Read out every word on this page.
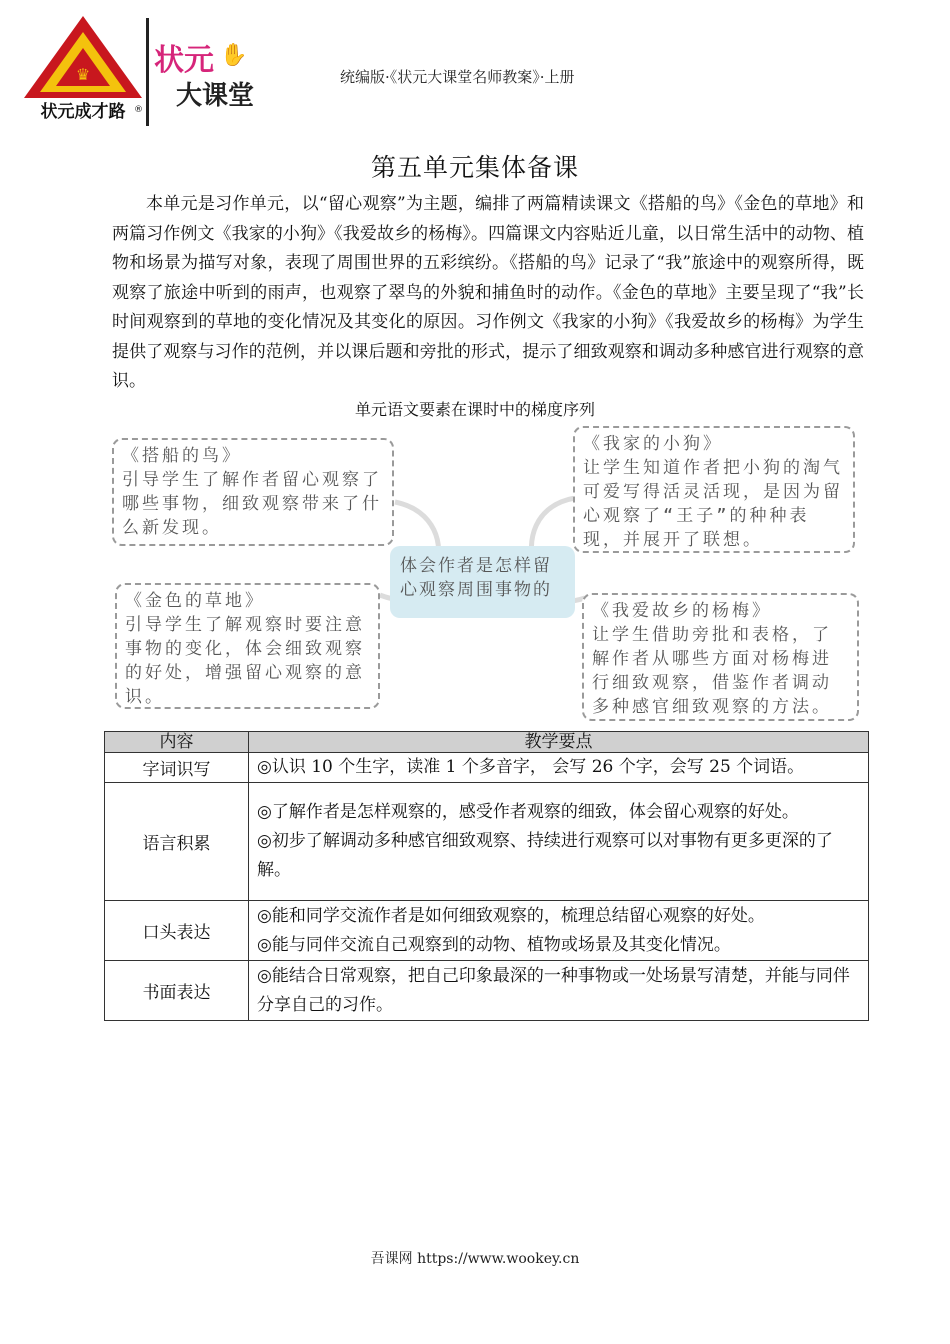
♛
状元成才路 ®
状元 ✋
大课堂
统编版·《状元大课堂名师教案》·上册
第五单元集体备课
本单元是习作单元，以“留心观察”为主题，编排了两篇精读课文《搭船的鸟》《金色的草地》和两篇习作例文《我家的小狗》《我爱故乡的杨梅》。四篇课文内容贴近儿童，以日常生活中的动物、植物和场景为描写对象，表现了周围世界的五彩缤纷。《搭船的鸟》记录了“我”旅途中的观察所得，既观察了旅途中听到的雨声，也观察了翠鸟的外貌和捕鱼时的动作。《金色的草地》主要呈现了“我”长时间观察到的草地的变化情况及其变化的原因。习作例文《我家的小狗》《我爱故乡的杨梅》为学生提供了观察与习作的范例，并以课后题和旁批的形式，提示了细致观察和调动多种感官进行观察的意识。
单元语文要素在课时中的梯度序列
《搭船的鸟》
引导学生了解作者留心观察了哪些事物，细致观察带来了什么新发现。
《我家的小狗》
让学生知道作者把小狗的淘气可爱写得活灵活现，是因为留心观察了“王子”的种种表现，并展开了联想。
《金色的草地》
引导学生了解观察时要注意事物的变化，体会细致观察的好处，增强留心观察的意识。
《我爱故乡的杨梅》
让学生借助旁批和表格，了解作者从哪些方面对杨梅进行细致观察，借鉴作者调动多种感官细致观察的方法。
体会作者是怎样留心观察周围事物的
内容	教学要点
字词识写	◎认识 10 个生字，读准 1 个多音字， 会写 26 个字，会写 25 个词语。

语言积累	◎了解作者是怎样观察的，感受作者观察的细致，体会留心观察的好处。
◎初步了解调动多种感官细致观察、持续进行观察可以对事物有更多更深的了解。

口头表达	◎能和同学交流作者是如何细致观察的，梳理总结留心观察的好处。
◎能与同伴交流自己观察到的动物、植物或场景及其变化情况。

书面表达	◎能结合日常观察，把自己印象最深的一种事物或一处场景写清楚，并能与同伴分享自己的习作。
吾课网 https://www.wookey.cn
